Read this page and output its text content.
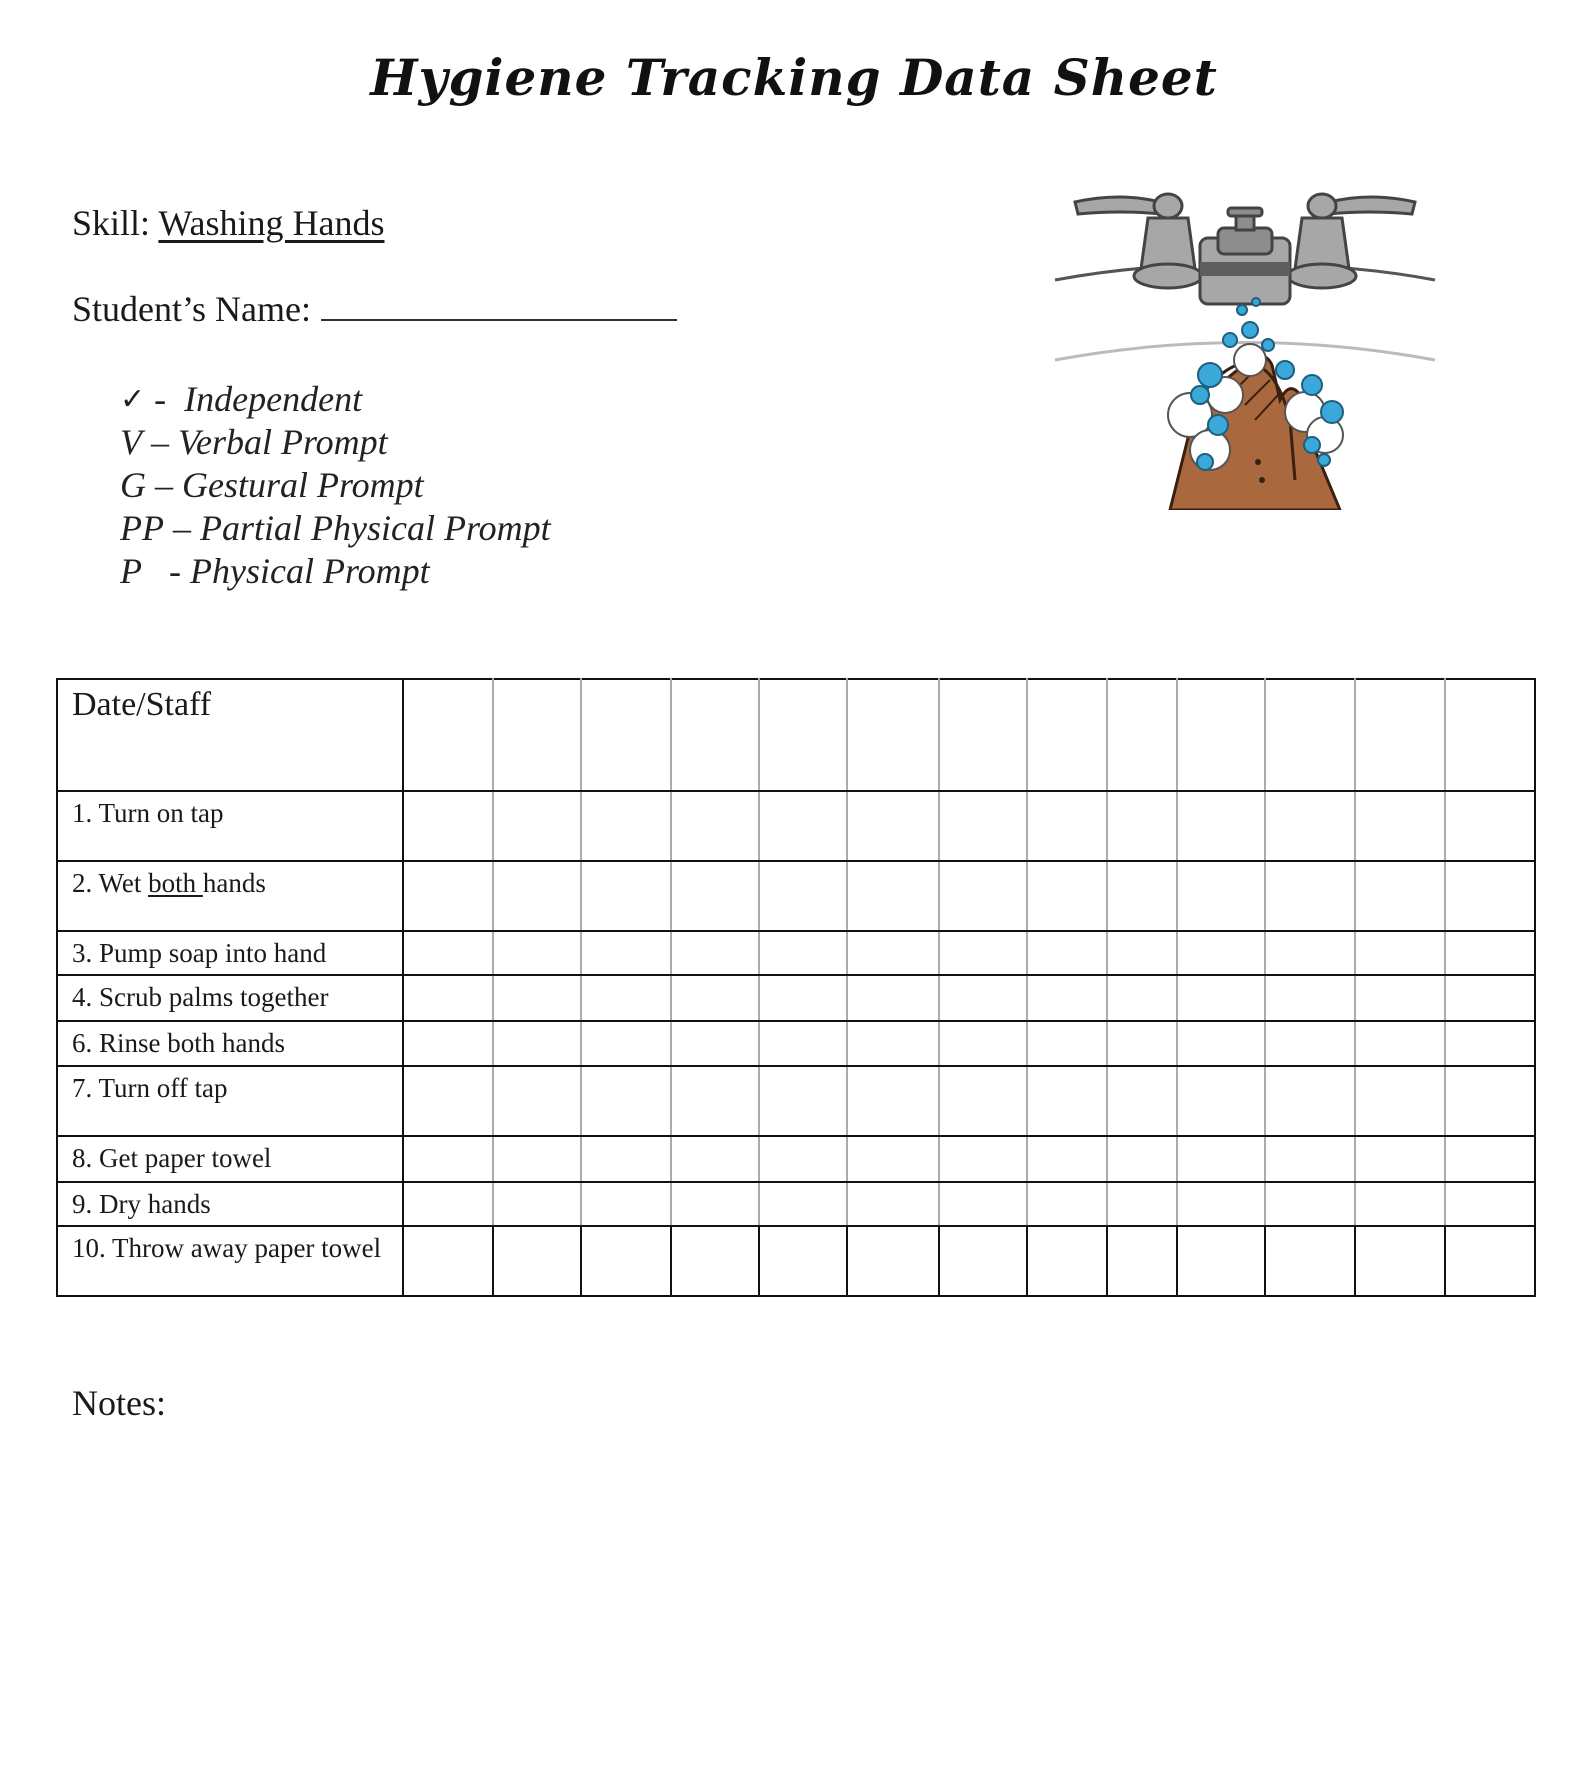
Hygiene Tracking Data Sheet
Skill: Washing Hands
Student’s Name:
✓ - Independent
V – Verbal Prompt
G – Gestural Prompt
PP – Partial Physical Prompt
P - Physical Prompt
Date/Staff													
1. Turn on tap													
2. Wet both hands													
3. Pump soap into hand													
4. Scrub palms together													
6. Rinse both hands													
7. Turn off tap													
8. Get paper towel													
9. Dry hands													
10. Throw away paper towel													
Notes:
